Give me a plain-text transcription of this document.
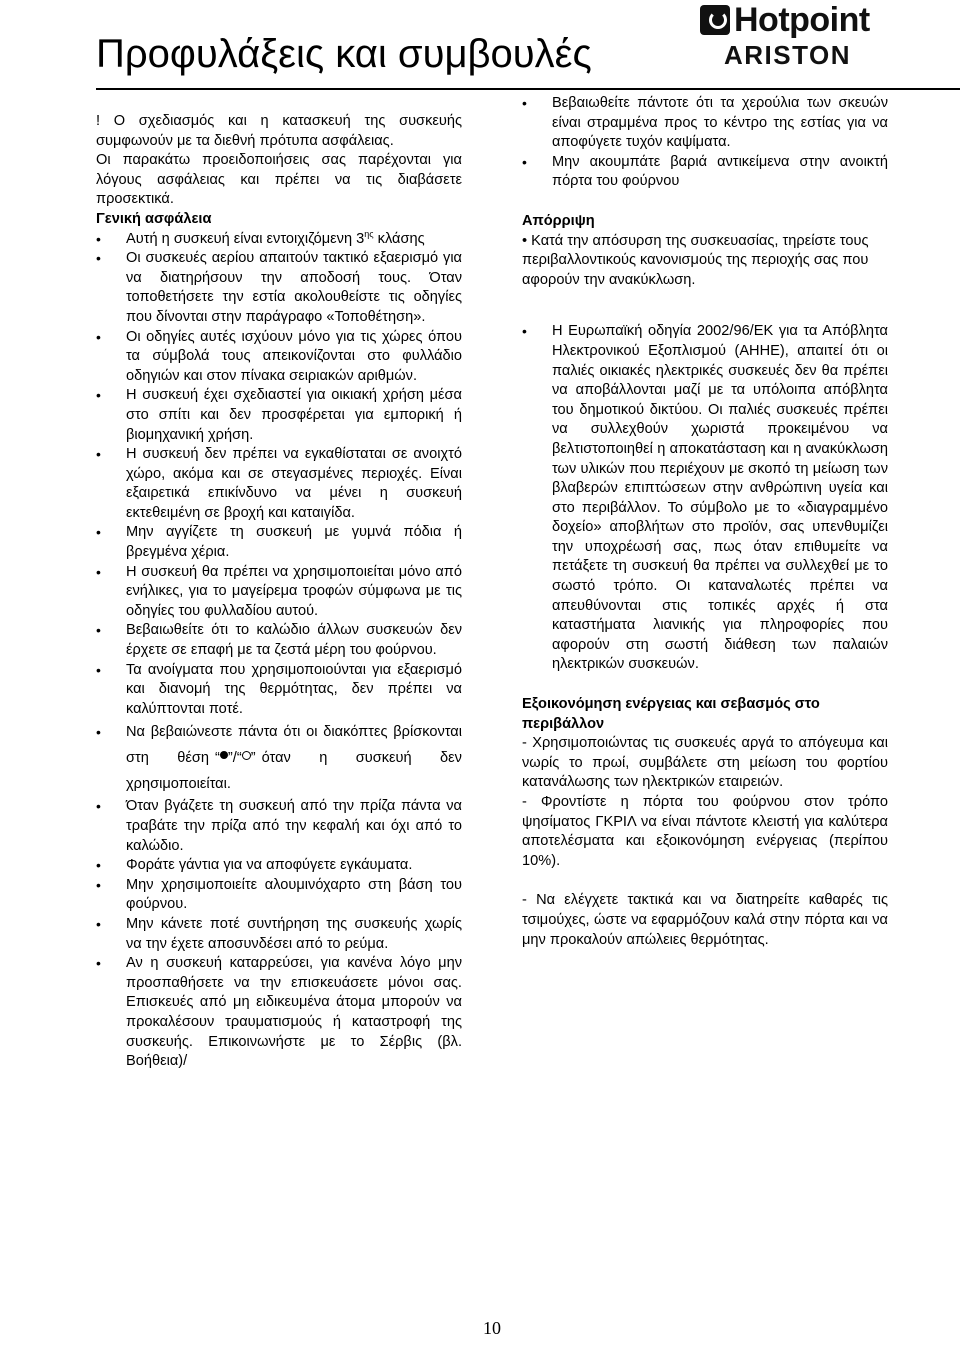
Προφυλάξεις και συμβουλές
Hotpoint
ARISTON

! Ο σχεδιασμός και η κατασκευή της συσκευής συμφωνούν με τα διεθνή πρότυπα ασφάλειας.

Οι παρακάτω προειδοποιήσεις σας παρέχονται για λόγους ασφάλειας και πρέπει να τις διαβάσετε προσεκτικά.

Γενική ασφάλεια
• Αυτή η συσκευή είναι εντοιχιζόμενη $3^{\eta\varsigma}$ κλάσης
• Οι συσκευές αερίου απαιτούν τακτικό εξαερισμό για να διατηρήσουν την αποδοσή τους. Όταν τοποθετήσετε την εστία ακολουθείστε τις οδηγίες που δίνονται στην παράγραφο «Τοποθέτηση».
• Οι οδηγίες αυτές ισχύουν μόνο για τις χώρες όπου τα σύμβολά τους απεικονίζονται στο φυλλάδιο οδηγιών και στον πίνακα σειριακών αριθμών.
• Η συσκευή έχει σχεδιαστεί για οικιακή χρήση μέσα στο σπίτι και δεν προσφέρεται για εμπορική ή βιομηχανική χρήση.
• Η συσκευή δεν πρέπει να εγκαθίσταται σε ανοιχτό χώρο, ακόμα και σε στεγασμένες περιοχές. Είναι εξαιρετικά επικίνδυνο να μένει η συσκευή εκτεθειμένη σε βροχή και καταιγίδα.
• Μην αγγίζετε τη συσκευή με γυμνά πόδια ή βρεγμένα χέρια.
• Η συσκευή θα πρέπει να χρησιμοποιείται μόνο από ενήλικες, για το μαγείρεμα τροφών σύμφωνα με τις οδηγίες του φυλλαδίου αυτού.
• Βεβαιωθείτε ότι το καλώδιο άλλων συσκευών δεν έρχετε σε επαφή με τα ζεστά μέρη του φούρνου.
• Τα ανοίγματα που χρησιμοποιούνται για εξαερισμό και διανομή της θερμότητας, δεν πρέπει να καλύπτονται ποτέ.
• Να βεβαιώνεστε πάντα ότι οι διακόπτες βρίσκονται στη θέση “ ”/“ ” όταν η συσκευή δεν χρησιμοποιείται.
• Όταν βγάζετε τη συσκευή από την πρίζα πάντα να τραβάτε την πρίζα από την κεφαλή και όχι από το καλώδιο.
• Φοράτε γάντια για να αποφύγετε εγκάυματα.
• Μην χρησιμοποιείτε αλουμινόχαρτο στη βάση του φούρνου.
• Μην κάνετε ποτέ συντήρηση της συσκευής χωρίς να την έχετε αποσυνδέσει από το ρεύμα.
• Αν η συσκευή καταρρεύσει, για κανένα λόγο μην προσπαθήσετε να την επισκευάσετε μόνοι σας. Επισκευές από μη ειδικευμένα άτομα μπορούν να προκαλέσουν τραυματισμούς ή καταστροφή της συσκευής. Επικοινωνήστε με το Σέρβις (βλ. Βοήθεια)/
• Βεβαιωθείτε πάντοτε ότι τα χερούλια των σκευών είναι στραμμένα προς το κέντρο της εστίας για να αποφύγετε τυχόν καψίματα.
• Μην ακουμπάτε βαριά αντικείμενα στην ανοικτή πόρτα του φούρνου
Απόρριψη

• Κατά την απόσυρση της συσκευασίας, τηρείστε τους περιβαλλοντικούς κανονισμούς της περιοχής σας που αφορούν την ανακύκλωση.

• Η Ευρωπαϊκή οδηγία 2002/96/ΕΚ για τα Απόβλητα Ηλεκτρονικού Εξοπλισμού (ΑΗΗΕ), απαιτεί ότι οι παλιές οικιακές ηλεκτρικές συσκευές δεν θα πρέπει να αποβάλλονται μαζί με τα υπόλοιπα απόβλητα του δημοτικού δικτύου. Οι παλιές συσκευές πρέπει να συλλεχθούν χωριστά προκειμένου να βελτιστοποιηθεί η αποκατάσταση και η ανακύκλωση των υλικών που περιέχουν με σκοπό τη μείωση των βλαβερών επιπτώσεων στην ανθρώπινη υγεία και στο περιβάλλον. Το σύμβολο με το «διαγραμμένο δοχείο» αποβλήτων στο προϊόν, σας υπενθυμίζει την υποχρέωσή σας, πως όταν επιθυμείτε να πετάξετε τη συσκευή θα πρέπει να συλλεχθεί με το σωστό τρόπο. Οι καταναλωτές πρέπει να απευθύνονται στις τοπικές αρχές ή στα καταστήματα λιανικής για πληροφορίες που αφορούν στη σωστή διάθεση των παλαιών ηλεκτρικών συσκευών.
Εξοικονόμηση ενέργειας και σεβασμός στο περιβάλλον

- Χρησιμοποιώντας τις συσκευές αργά το απόγευμα και νωρίς το πρωί, συμβάλετε στη μείωση του φορτίου κατανάλωσης των ηλεκτρικών εταιρειών.

- Φροντίστε η πόρτα του φούρνου στον τρόπο ψησίματος ΓΚΡΙΛ να είναι πάντοτε κλειστή για καλύτερα αποτελέσματα και εξοικονόμηση ενέργειας (περίπου 10%).

- Να ελέγχετε τακτικά και να διατηρείτε καθαρές τις τσιμούχες, ώστε να εφαρμόζουν καλά στην πόρτα και να μην προκαλούν απώλειες θερμότητας.

10
